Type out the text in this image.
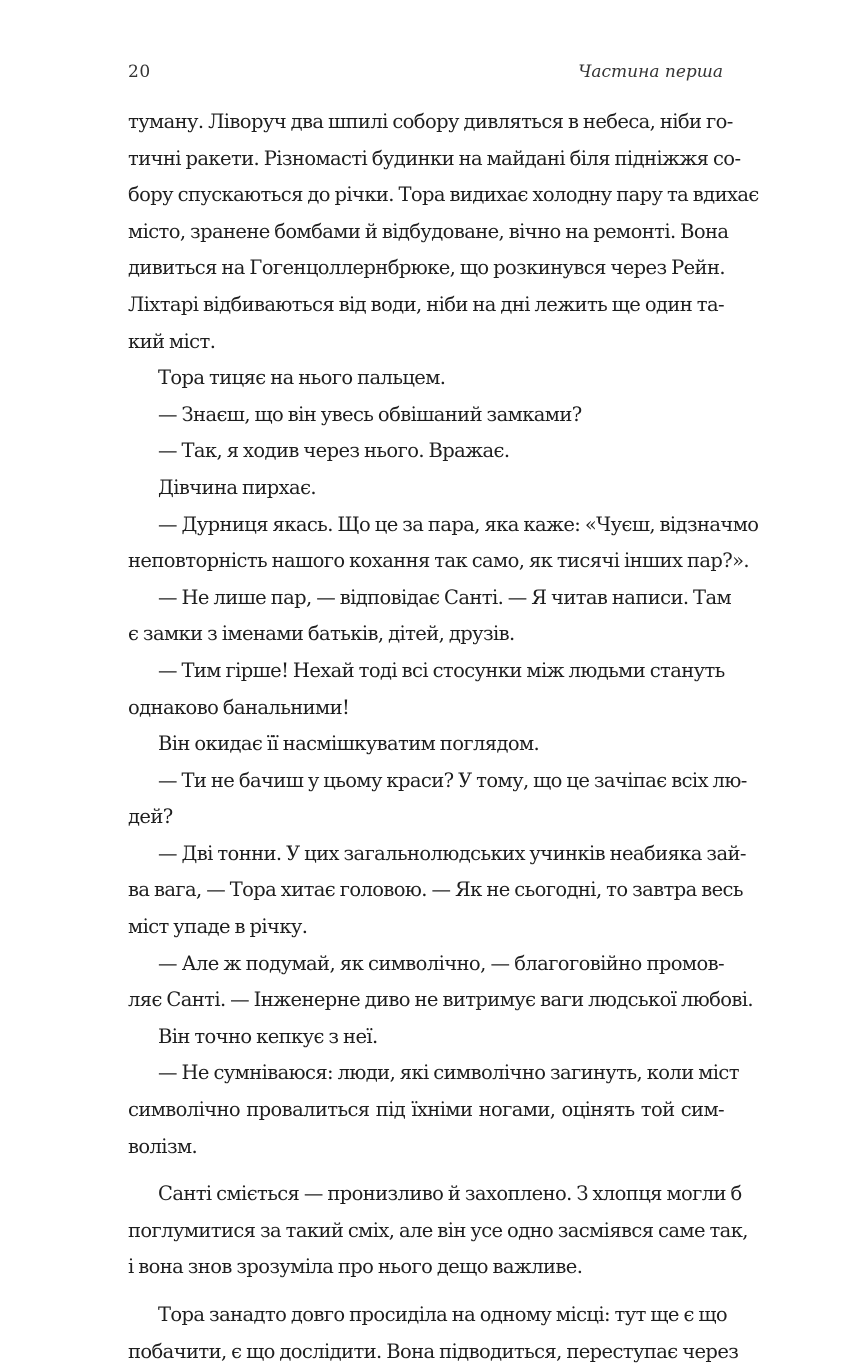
20	Частина перша
туману. Ліворуч два шпилі собору дивляться в небеса, ніби го-
тичні ракети. Різномасті будинки на майдані біля підніжжя со-
бору спускаються до річки. Тора видихає холодну пару та вдихає
місто, зранене бомбами й відбудоване, вічно на ремонті. Вона
дивиться на Гогенцоллернбрюке, що розкинувся через Рейн.
Ліхтарі відбиваються від води, ніби на дні лежить ще один та-
кий міст.
Тора тицяє на нього пальцем.
— Знаєш, що він увесь обвішаний замками?
— Так, я ходив через нього. Вражає.
Дівчина пирхає.
— Дурниця якась. Що це за пара, яка каже: «Чуєш, відзначмо
неповторність нашого кохання так само, як тисячі інших пар?».
— Не лише пар, — відповідає Санті. — Я читав написи. Там
є замки з іменами батьків, дітей, друзів.
— Тим гірше! Нехай тоді всі стосунки між людьми стануть
однаково банальними!
Він окидає її насмішкуватим поглядом.
— Ти не бачиш у цьому краси? У тому, що це зачіпає всіх лю-
дей?
— Дві тонни. У цих загальнолюдських учинків неабияка зай-
ва вага, — Тора хитає головою. — Як не сьогодні, то завтра весь
міст упаде в річку.
— Але ж подумай, як символічно, — благоговійно промов-
ляє Санті. — Інженерне диво не витримує ваги людської любові.
Він точно кепкує з неї.
— Не сумніваюся: люди, які символічно загинуть, коли міст
символічно провалиться під їхніми ногами, оцінять той сим-
волізм.
Санті сміється — пронизливо й захоплено. З хлопця могли б
поглумитися за такий сміх, але він усе одно засміявся саме так,
і вона знов зрозуміла про нього дещо важливе.
Тора занадто довго просиділа на одному місці: тут ще є що
побачити, є що дослідити. Вона підводиться, переступає через
